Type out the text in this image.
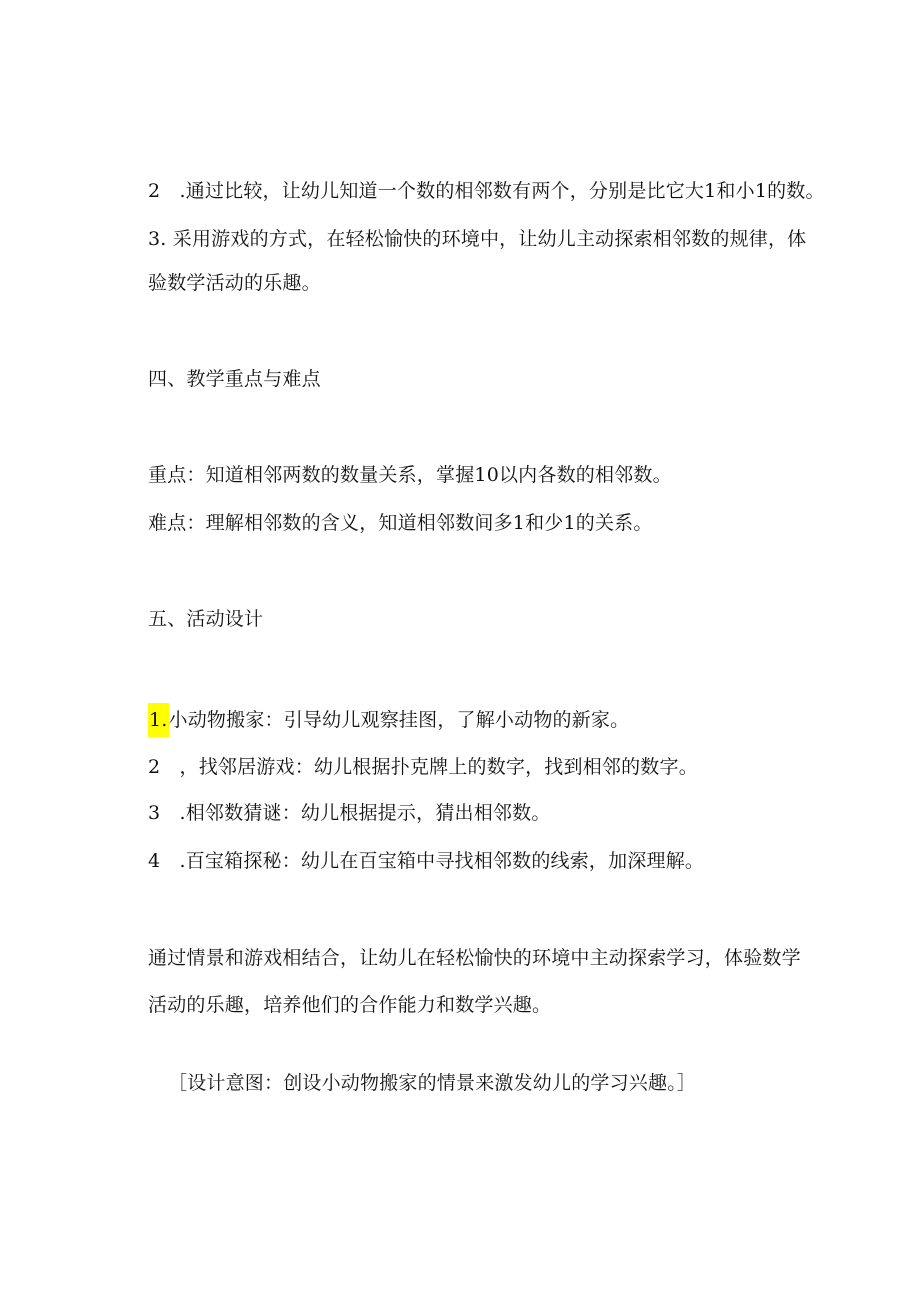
2　.通过比较，让幼儿知道一个数的相邻数有两个，分别是比它大1和小1的数。
3. 采用游戏的方式，在轻松愉快的环境中，让幼儿主动探索相邻数的规律，体
验数学活动的乐趣。
四、教学重点与难点
重点：知道相邻两数的数量关系，掌握10以内各数的相邻数。
难点：理解相邻数的含义，知道相邻数间多1和少1的关系。
五、活动设计
1.小动物搬家：引导幼儿观察挂图，了解小动物的新家。
2　，找邻居游戏：幼儿根据扑克牌上的数字，找到相邻的数字。
3　.相邻数猜谜：幼儿根据提示，猜出相邻数。
4　.百宝箱探秘：幼儿在百宝箱中寻找相邻数的线索，加深理解。
通过情景和游戏相结合，让幼儿在轻松愉快的环境中主动探索学习，体验数学
活动的乐趣，培养他们的合作能力和数学兴趣。
［设计意图：创设小动物搬家的情景来激发幼儿的学习兴趣。］
